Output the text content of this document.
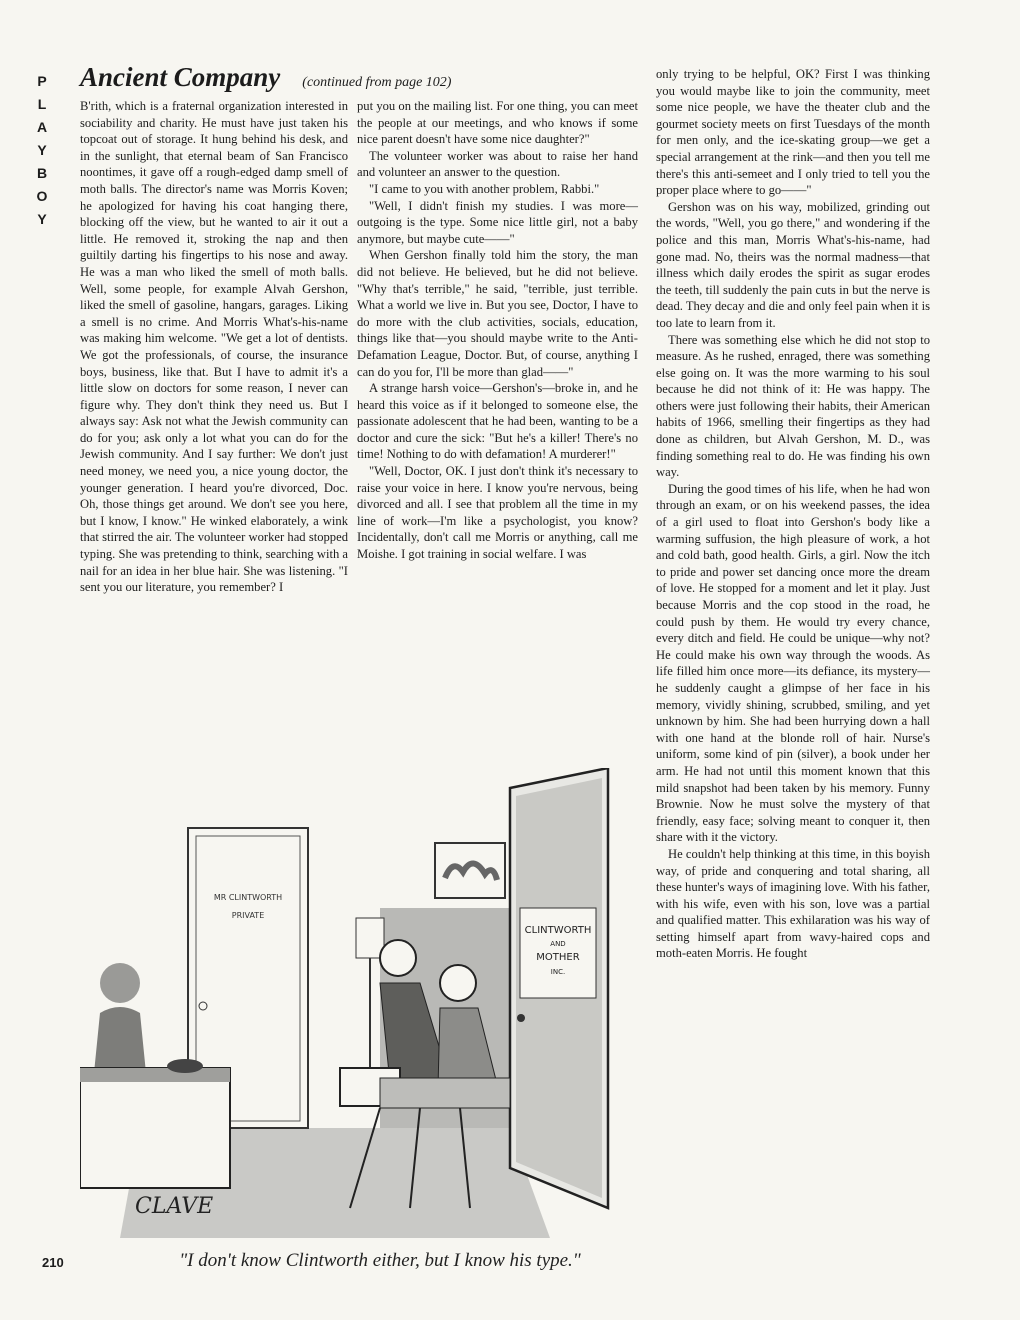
P
L
A
Y
B
O
Y
Ancient Company (continued from page 102)

B'rith, which is a fraternal organization interested in sociability and charity. He must have just taken his topcoat out of storage. It hung behind his desk, and in the sunlight, that eternal beam of San Francisco noontimes, it gave off a rough-edged damp smell of moth balls. The director's name was Morris Koven; he apologized for having his coat hanging there, blocking off the view, but he wanted to air it out a little. He removed it, stroking the nap and then guiltily darting his fingertips to his nose and away. He was a man who liked the smell of moth balls. Well, some people, for example Alvah Gershon, liked the smell of gasoline, hangars, garages. Liking a smell is no crime. And Morris What's-his-name was making him welcome. "We get a lot of dentists. We got the professionals, of course, the insurance boys, business, like that. But I have to admit it's a little slow on doctors for some reason, I never can figure why. They don't think they need us. But I always say: Ask not what the Jewish community can do for you; ask only a lot what you can do for the Jewish community. And I say further: We don't just need money, we need you, a nice young doctor, the younger generation. I heard you're divorced, Doc. Oh, those things get around. We don't see you here, but I know, I know." He winked elaborately, a wink that stirred the air. The volunteer worker had stopped typing. She was pretending to think, searching with a nail for an idea in her blue hair. She was listening. "I sent you our literature, you remember? I

put you on the mailing list. For one thing, you can meet the people at our meetings, and who knows if some nice parent doesn't have some nice daughter?"

The volunteer worker was about to raise her hand and volunteer an answer to the question.

"I came to you with another problem, Rabbi."

"Well, I didn't finish my studies. I was more—outgoing is the type. Some nice little girl, not a baby anymore, but maybe cute——"

When Gershon finally told him the story, the man did not believe. He believed, but he did not believe. "Why that's terrible," he said, "terrible, just terrible. What a world we live in. But you see, Doctor, I have to do more with the club activities, socials, education, things like that—you should maybe write to the Anti-Defamation League, Doctor. But, of course, anything I can do you for, I'll be more than glad——"

A strange harsh voice—Gershon's—broke in, and he heard this voice as if it belonged to someone else, the passionate adolescent that he had been, wanting to be a doctor and cure the sick: "But he's a killer! There's no time! Nothing to do with defamation! A murderer!"

"Well, Doctor, OK. I just don't think it's necessary to raise your voice in here. I know you're nervous, being divorced and all. I see that problem all the time in my line of work—I'm like a psychologist, you know? Incidentally, don't call me Morris or anything, call me Moishe. I got training in social welfare. I was

only trying to be helpful, OK? First I was thinking you would maybe like to join the community, meet some nice people, we have the theater club and the gourmet society meets on first Tuesdays of the month for men only, and the ice-skating group—we get a special arrangement at the rink—and then you tell me there's this anti-semeet and I only tried to tell you the proper place where to go——"

Gershon was on his way, mobilized, grinding out the words, "Well, you go there," and wondering if the police and this man, Morris What's-his-name, had gone mad. No, theirs was the normal madness—that illness which daily erodes the spirit as sugar erodes the teeth, till suddenly the pain cuts in but the nerve is dead. They decay and die and only feel pain when it is too late to learn from it.

There was something else which he did not stop to measure. As he rushed, enraged, there was something else going on. It was the more warming to his soul because he did not think of it: He was happy. The others were just following their habits, their American habits of 1966, smelling their fingertips as they had done as children, but Alvah Gershon, M. D., was finding something real to do. He was finding his own way.

During the good times of his life, when he had won through an exam, or on his weekend passes, the idea of a girl used to float into Gershon's body like a warming suffusion, the high pleasure of work, a hot and cold bath, good health. Girls, a girl. Now the itch to pride and power set dancing once more the dream of love. He stopped for a moment and let it play. Just because Morris and the cop stood in the road, he could push by them. He would try every chance, every ditch and field. He could be unique—why not? He could make his own way through the woods. As life filled him once more—its defiance, its mystery—he suddenly caught a glimpse of her face in his memory, vividly shining, scrubbed, smiling, and yet unknown by him. She had been hurrying down a hall with one hand at the blonde roll of hair. Nurse's uniform, some kind of pin (silver), a book under her arm. He had not until this moment known that this mild snapshot had been taken by his memory. Funny Brownie. Now he must solve the mystery of that friendly, easy face; solving meant to conquer it, then share with it the victory.

He couldn't help thinking at this time, in this boyish way, of pride and conquering and total sharing, all these hunter's ways of imagining love. With his father, with his wife, even with his son, love was a partial and qualified matter. This exhilaration was his way of setting himself apart from wavy-haired cops and moth-eaten Morris. He fought

MR CLINTWORTH
PRIVATE
CLINTWORTH
AND
MOTHER
INC.
CLAVE
"I don't know Clintworth either, but I know his type."
210
